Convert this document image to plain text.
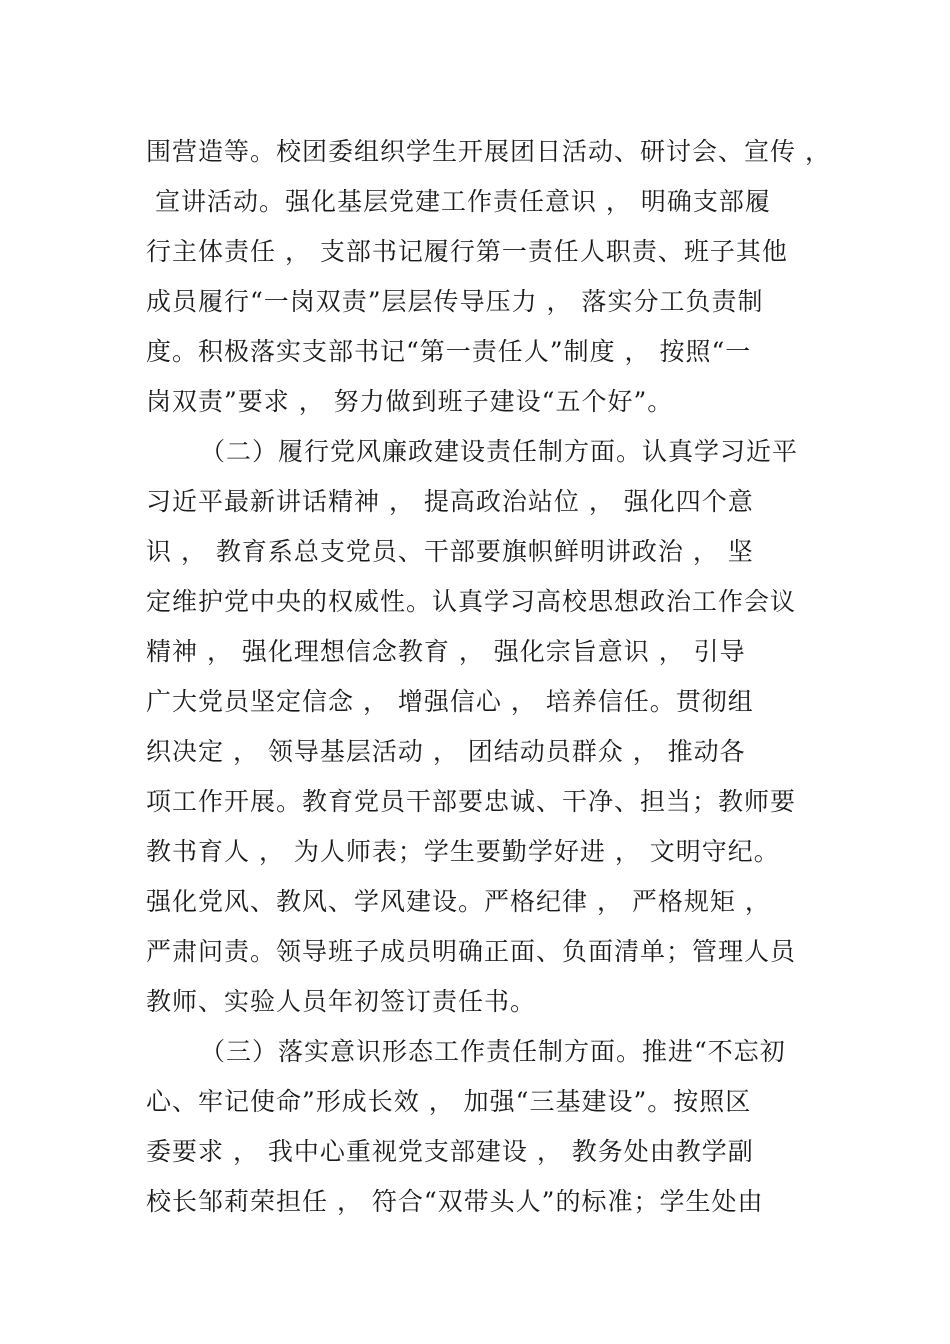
围营造等。校团委组织学生开展团日活动、研讨会、宣传 ，
宣讲活动。强化基层党建工作责任意识 ， 明确支部履
行主体责任 ， 支部书记履行第一责任人职责、班子其他
成员履行“一岗双责”层层传导压力 ， 落实分工负责制
度。积极落实支部书记“第一责任人”制度 ， 按照“一
岗双责”要求 ， 努力做到班子建设“五个好”。
（二）履行党风廉政建设责任制方面。认真学习近平
习近平最新讲话精神 ， 提高政治站位 ， 强化四个意
识 ， 教育系总支党员、干部要旗帜鲜明讲政治 ， 坚
定维护党中央的权威性。认真学习高校思想政治工作会议
精神 ， 强化理想信念教育 ， 强化宗旨意识 ， 引导
广大党员坚定信念 ， 增强信心 ， 培养信任。贯彻组
织决定 ， 领导基层活动 ， 团结动员群众 ， 推动各
项工作开展。教育党员干部要忠诚、干净、担当；教师要
教书育人 ， 为人师表；学生要勤学好进 ， 文明守纪。
强化党风、教风、学风建设。严格纪律 ， 严格规矩 ，
严肃问责。领导班子成员明确正面、负面清单；管理人员
教师、实验人员年初签订责任书。
（三）落实意识形态工作责任制方面。推进“不忘初
心、牢记使命”形成长效 ， 加强“三基建设”。按照区
委要求 ， 我中心重视党支部建设 ， 教务处由教学副
校长邹莉荣担任 ， 符合“双带头人”的标准；学生处由
